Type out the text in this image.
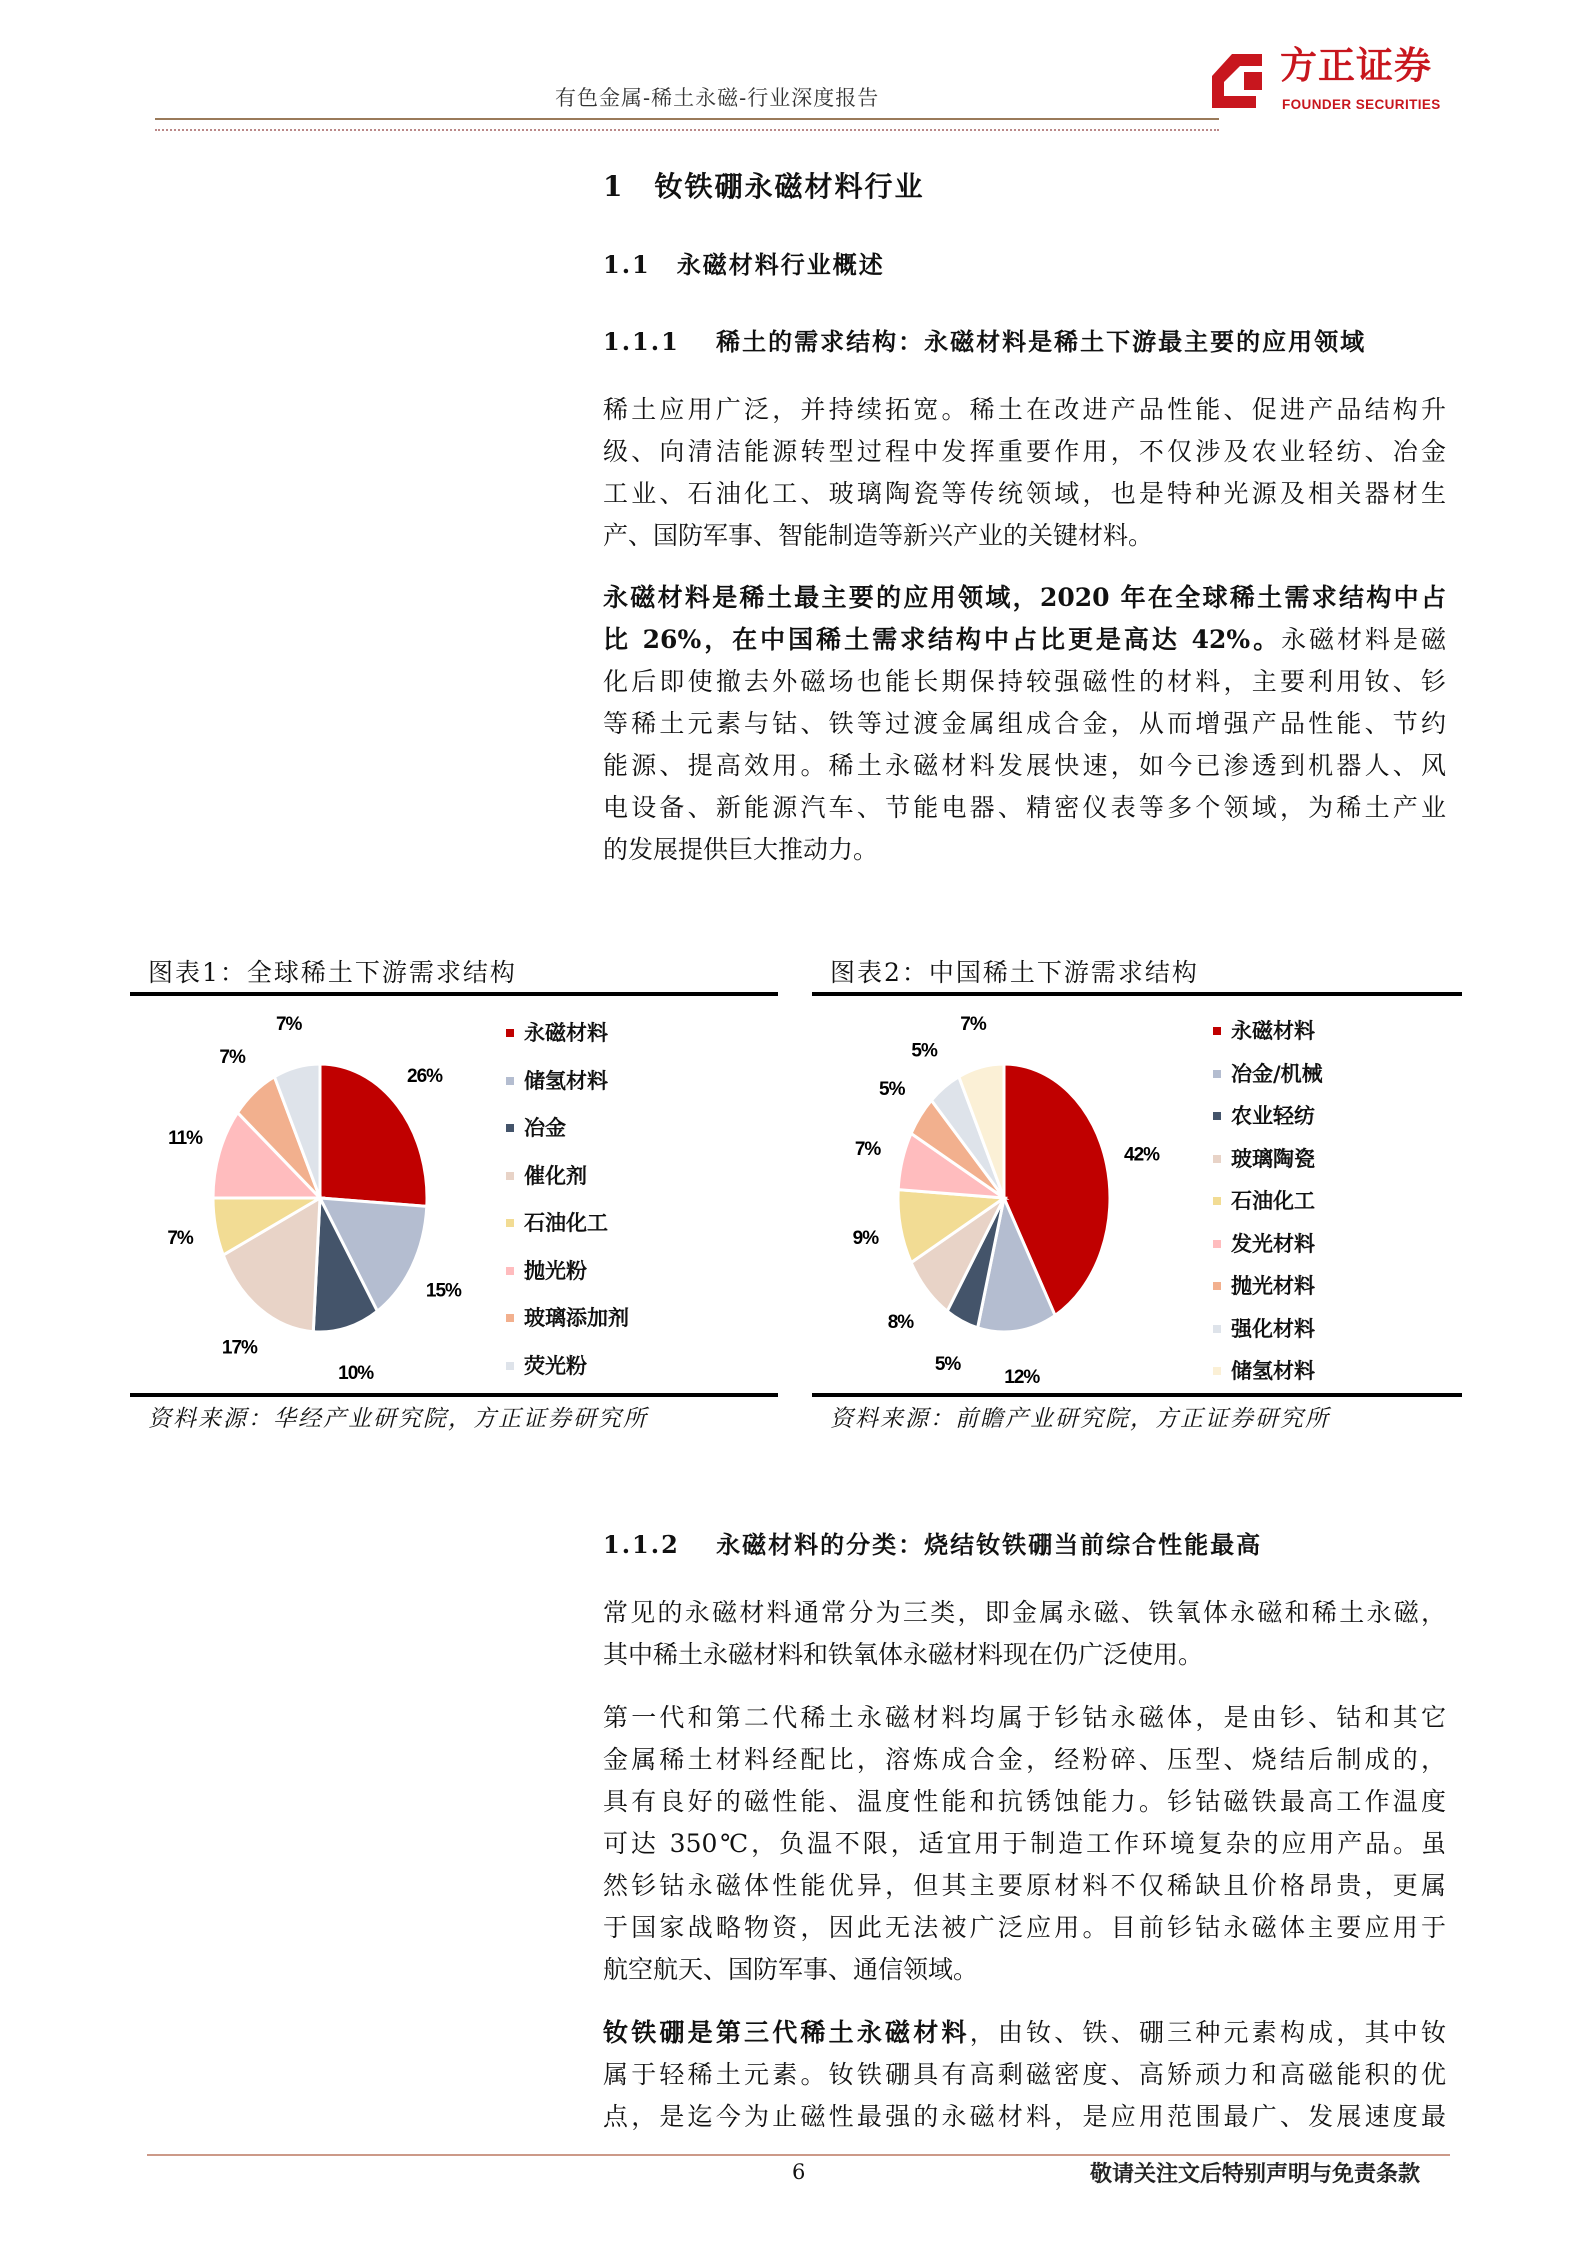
有色金属-稀土永磁-行业深度报告
方正证券
FOUNDER SECURITIES
1　钕铁硼永磁材料行业
1.1　永磁材料行业概述
1.1.1　 稀土的需求结构：永磁材料是稀土下游最主要的应用领域
稀土应用广泛，并持续拓宽。稀土在改进产品性能、促进产品结构升
级、向清洁能源转型过程中发挥重要作用，不仅涉及农业轻纺、冶金
工业、石油化工、玻璃陶瓷等传统领域，也是特种光源及相关器材生
产、国防军事、智能制造等新兴产业的关键材料。
永磁材料是稀土最主要的应用领域，2020 年在全球稀土需求结构中占
比 26%，在中国稀土需求结构中占比更是高达 42%。永磁材料是磁
化后即使撤去外磁场也能长期保持较强磁性的材料，主要利用钕、钐
等稀土元素与钴、铁等过渡金属组成合金，从而增强产品性能、节约
能源、提高效用。稀土永磁材料发展快速，如今已渗透到机器人、风
电设备、新能源汽车、节能电器、精密仪表等多个领域，为稀土产业
的发展提供巨大推动力。
图表1：全球稀土下游需求结构
26%
15%
10%
17%
7%
11%
7%
7%	永磁材料
储氢材料
冶金
催化剂
石油化工
抛光粉
玻璃添加剂
荧光粉
资料来源：华经产业研究院，方正证券研究所
图表2：中国稀土下游需求结构
42%
12%
5%
8%
9%
7%
5%
5%
7%	永磁材料
冶金/机械
农业轻纺
玻璃陶瓷
石油化工
发光材料
抛光材料
强化材料
储氢材料
资料来源：前瞻产业研究院，方正证券研究所
1.1.2　 永磁材料的分类：烧结钕铁硼当前综合性能最高
常见的永磁材料通常分为三类，即金属永磁、铁氧体永磁和稀土永磁，
其中稀土永磁材料和铁氧体永磁材料现在仍广泛使用。
第一代和第二代稀土永磁材料均属于钐钴永磁体，是由钐、钴和其它
金属稀土材料经配比，溶炼成合金，经粉碎、压型、烧结后制成的，
具有良好的磁性能、温度性能和抗锈蚀能力。钐钴磁铁最高工作温度
可达 350℃，负温不限，适宜用于制造工作环境复杂的应用产品。虽
然钐钴永磁体性能优异，但其主要原材料不仅稀缺且价格昂贵，更属
于国家战略物资，因此无法被广泛应用。目前钐钴永磁体主要应用于
航空航天、国防军事、通信领域。
钕铁硼是第三代稀土永磁材料，由钕、铁、硼三种元素构成，其中钕
属于轻稀土元素。钕铁硼具有高剩磁密度、高矫顽力和高磁能积的优
点，是迄今为止磁性最强的永磁材料，是应用范围最广、发展速度最
6	敬请关注文后特别声明与免责条款
